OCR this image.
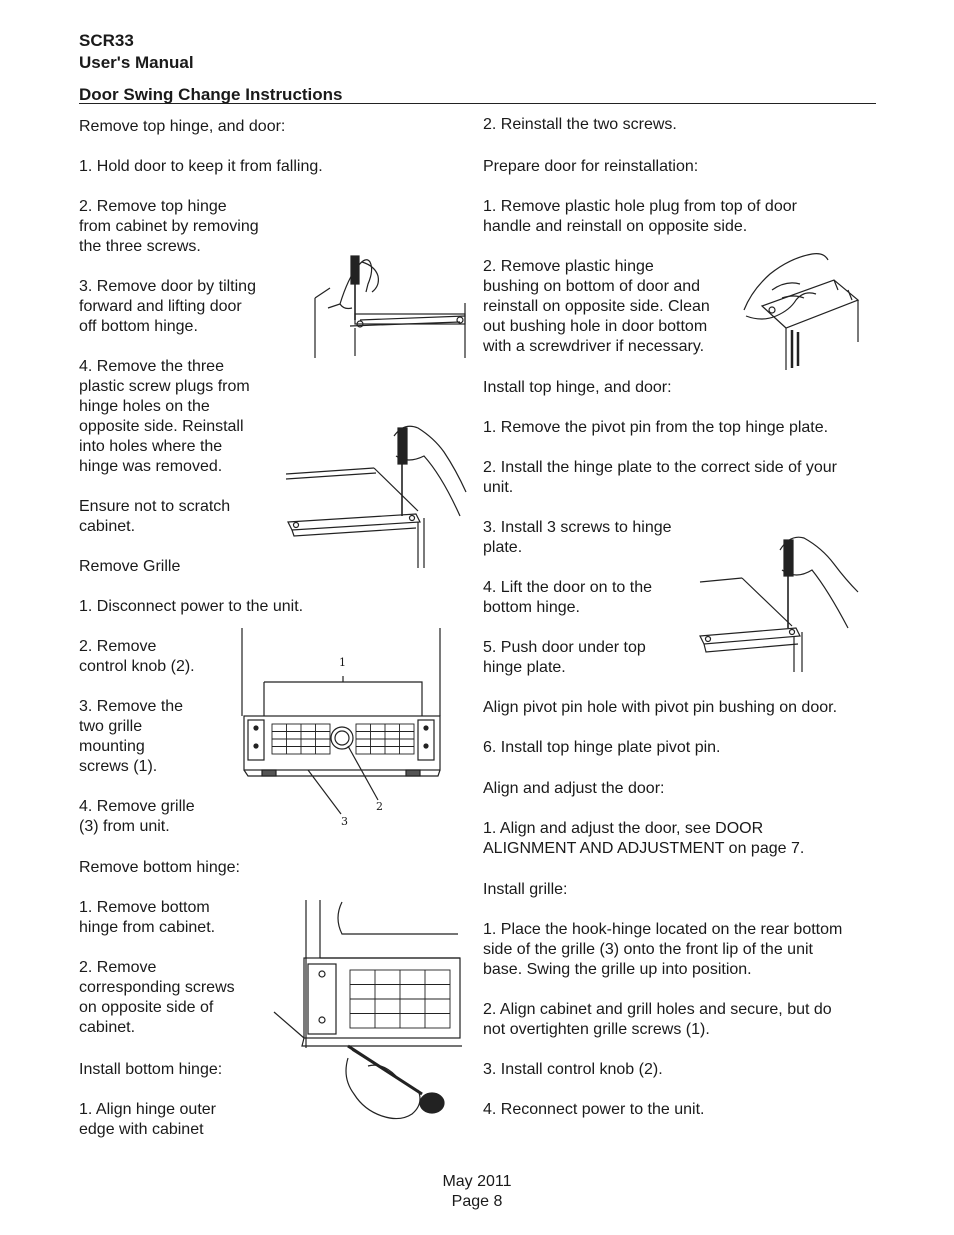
SCR33
User's Manual
Door Swing Change Instructions
Remove top hinge, and door:
1. Hold door to keep it from falling.
2. Remove top hinge
from cabinet by removing
the three screws.
3. Remove door by tilting
forward and lifting door
off bottom hinge.
4. Remove the three
plastic screw plugs from
hinge holes on the
opposite side. Reinstall
into holes where the
hinge was removed.
Ensure not to scratch
cabinet.
Remove Grille
1. Disconnect power to the unit.
2. Remove
control knob (2).
3. Remove the
two grille
mounting
screws (1).
4. Remove grille
(3) from unit.
Remove bottom hinge:
1. Remove bottom
hinge from cabinet.
2. Remove
corresponding screws
on opposite side of
cabinet.
Install bottom hinge:
1. Align hinge outer
edge with cabinet
2. Reinstall the two screws.
Prepare door for reinstallation:
1. Remove plastic hole plug from top of door
handle and reinstall on opposite side.
2. Remove plastic hinge
bushing on bottom of door and
reinstall on opposite side. Clean
out bushing hole in door bottom
with a screwdriver if necessary.
Install top hinge, and door:
1. Remove the pivot pin from the top hinge plate.
2. Install the hinge plate to the correct side of your
unit.
3. Install 3 screws to hinge
plate.
4. Lift the door on to the
bottom hinge.
5. Push door under top
hinge plate.
Align pivot pin hole with pivot pin bushing on door.
6. Install top hinge plate pivot pin.
Align and adjust the door:
1. Align and adjust the door, see DOOR
ALIGNMENT AND ADJUSTMENT on page 7.
Install grille:
1. Place the hook-hinge located on the rear bottom
side of the grille (3) onto the front lip of the unit
base. Swing the grille up into position.
2. Align cabinet and grill holes and secure, but do
not overtighten grille screws (1).
3. Install control knob (2).
4. Reconnect power to the unit.
1
2
3
May 2011
Page 8
